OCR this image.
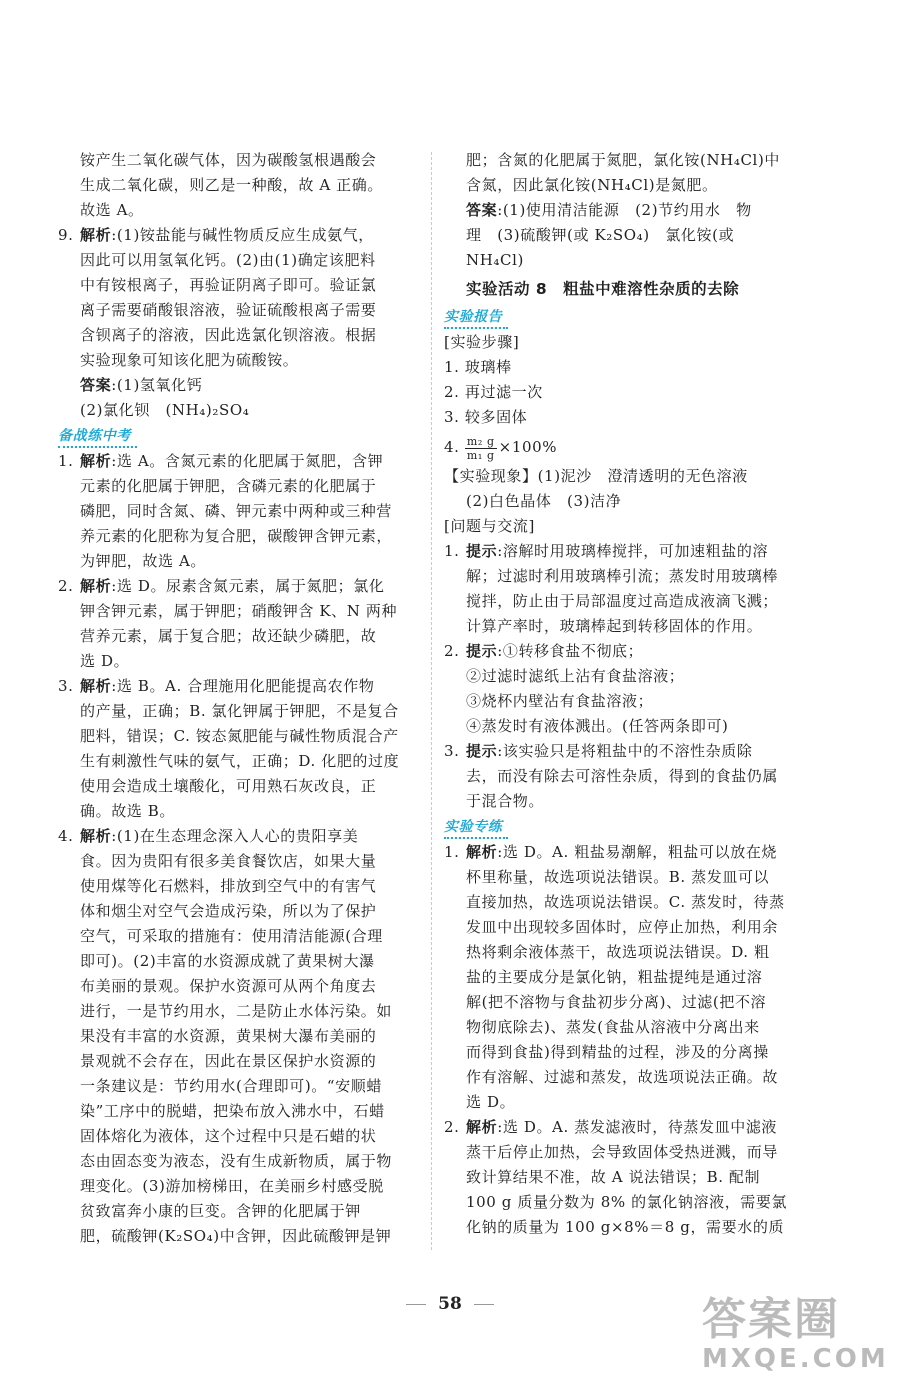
铵产生二氧化碳气体，因为碳酸氢根遇酸会
生成二氧化碳，则乙是一种酸，故 A 正确。
故选 A。
9. 解析:(1)铵盐能与碱性物质反应生成氨气，
因此可以用氢氧化钙。(2)由(1)确定该肥料
中有铵根离子，再验证阴离子即可。验证氯
离子需要硝酸银溶液，验证硫酸根离子需要
含钡离子的溶液，因此选氯化钡溶液。根据
实验现象可知该化肥为硫酸铵。
答案:(1)氢氧化钙
(2)氯化钡　(NH₄)₂SO₄
备战练中考
1. 解析:选 A。含氮元素的化肥属于氮肥，含钾
元素的化肥属于钾肥，含磷元素的化肥属于
磷肥，同时含氮、磷、钾元素中两种或三种营
养元素的化肥称为复合肥，碳酸钾含钾元素，
为钾肥，故选 A。
2. 解析:选 D。尿素含氮元素，属于氮肥；氯化
钾含钾元素，属于钾肥；硝酸钾含 K、N 两种
营养元素，属于复合肥；故还缺少磷肥，故
选 D。
3. 解析:选 B。A. 合理施用化肥能提高农作物
的产量，正确；B. 氯化钾属于钾肥，不是复合
肥料，错误；C. 铵态氮肥能与碱性物质混合产
生有刺激性气味的氨气，正确；D. 化肥的过度
使用会造成土壤酸化，可用熟石灰改良，正
确。故选 B。
4. 解析:(1)在生态理念深入人心的贵阳享美
食。因为贵阳有很多美食餐饮店，如果大量
使用煤等化石燃料，排放到空气中的有害气
体和烟尘对空气会造成污染，所以为了保护
空气，可采取的措施有：使用清洁能源(合理
即可)。(2)丰富的水资源成就了黄果树大瀑
布美丽的景观。保护水资源可从两个角度去
进行，一是节约用水，二是防止水体污染。如
果没有丰富的水资源，黄果树大瀑布美丽的
景观就不会存在，因此在景区保护水资源的
一条建议是：节约用水(合理即可)。“安顺蜡
染”工序中的脱蜡，把染布放入沸水中，石蜡
固体熔化为液体，这个过程中只是石蜡的状
态由固态变为液态，没有生成新物质，属于物
理变化。(3)游加榜梯田，在美丽乡村感受脱
贫致富奔小康的巨变。含钾的化肥属于钾
肥，硫酸钾(K₂SO₄)中含钾，因此硫酸钾是钾
肥；含氮的化肥属于氮肥，氯化铵(NH₄Cl)中
含氮，因此氯化铵(NH₄Cl)是氮肥。
答案:(1)使用清洁能源　(2)节约用水　物
理　(3)硫酸钾(或 K₂SO₄)　氯化铵(或
NH₄Cl)
实验活动 8　粗盐中难溶性杂质的去除
实验报告
[实验步骤]
1. 玻璃棒
2. 再过滤一次
3. 较多固体
4. $\frac{\text{m₂ g}}{\text{m₁ g}} \times 100\%$
【实验现象】(1)泥沙　澄清透明的无色溶液
(2)白色晶体　(3)洁净
[问题与交流]
1. 提示:溶解时用玻璃棒搅拌，可加速粗盐的溶
解；过滤时利用玻璃棒引流；蒸发时用玻璃棒
搅拌，防止由于局部温度过高造成液滴飞溅；
计算产率时，玻璃棒起到转移固体的作用。
2. 提示:①转移食盐不彻底；
②过滤时滤纸上沾有食盐溶液；
③烧杯内壁沾有食盐溶液；
④蒸发时有液体溅出。(任答两条即可)
3. 提示:该实验只是将粗盐中的不溶性杂质除
去，而没有除去可溶性杂质，得到的食盐仍属
于混合物。
实验专练
1. 解析:选 D。A. 粗盐易潮解，粗盐可以放在烧
杯里称量，故选项说法错误。B. 蒸发皿可以
直接加热，故选项说法错误。C. 蒸发时，待蒸
发皿中出现较多固体时，应停止加热，利用余
热将剩余液体蒸干，故选项说法错误。D. 粗
盐的主要成分是氯化钠，粗盐提纯是通过溶
解(把不溶物与食盐初步分离)、过滤(把不溶
物彻底除去)、蒸发(食盐从溶液中分离出来
而得到食盐)得到精盐的过程，涉及的分离操
作有溶解、过滤和蒸发，故选项说法正确。故
选 D。
2. 解析:选 D。A. 蒸发滤液时，待蒸发皿中滤液
蒸干后停止加热，会导致固体受热迸溅，而导
致计算结果不准，故 A 说法错误；B. 配制
100 g 质量分数为 8% 的氯化钠溶液，需要氯
化钠的质量为 100 g×8%＝8 g，需要水的质
58	答案圈
MXQE.COM
